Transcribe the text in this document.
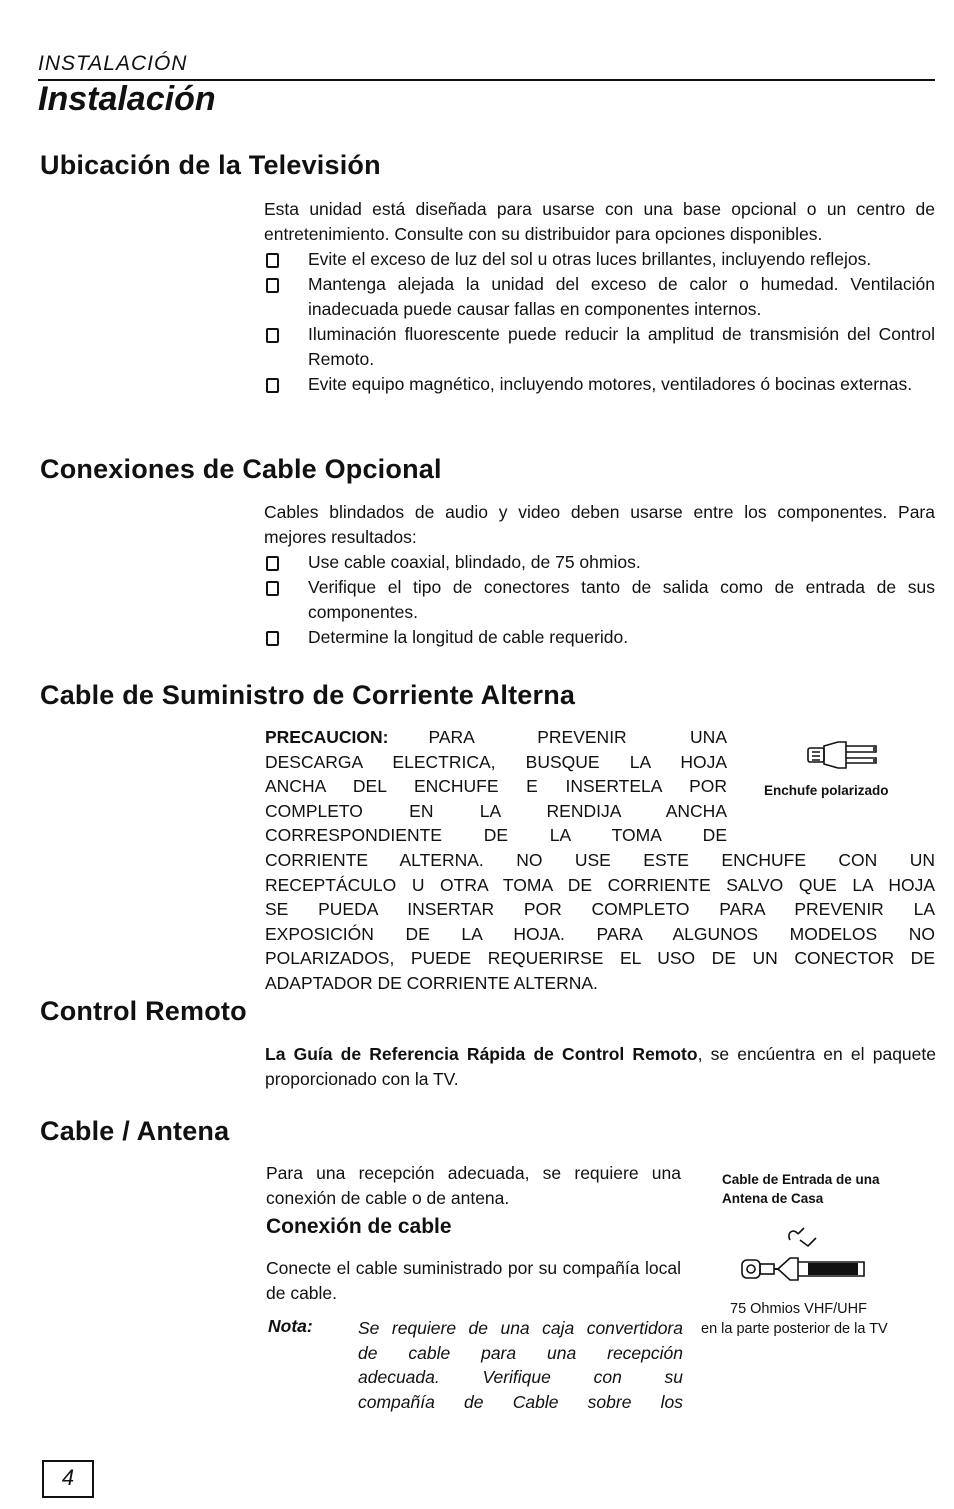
INSTALACIÓN
Instalación
Ubicación de la Televisión
Esta unidad está diseñada para usarse con una base opcional o un centro de entretenimiento. Consulte con su distribuidor para opciones disponibles.
Evite el exceso de luz del sol u otras luces brillantes, incluyendo reflejos.
Mantenga alejada la unidad del exceso de calor o humedad. Ventilación inadecuada puede causar fallas en componentes internos.
Iluminación fluorescente puede reducir la amplitud de transmisión del Control Remoto.
Evite equipo magnético, incluyendo motores, ventiladores ó bocinas externas.
Conexiones de Cable Opcional
Cables blindados de audio y video deben usarse entre los componentes. Para mejores resultados:
Use cable coaxial, blindado, de 75 ohmios.
Verifique el tipo de conectores tanto de salida como de entrada de sus componentes.
Determine la longitud de cable requerido.
Cable de Suministro de Corriente Alterna
PRECAUCION: PARA PREVENIR UNA
DESCARGA ELECTRICA, BUSQUE LA HOJA
ANCHA DEL ENCHUFE E INSERTELA POR
COMPLETO EN LA RENDIJA ANCHA
CORRESPONDIENTE DE LA TOMA DE
CORRIENTE ALTERNA. NO USE ESTE ENCHUFE CON UN
RECEPTÁCULO U OTRA TOMA DE CORRIENTE SALVO QUE LA HOJA
SE PUEDA INSERTAR POR COMPLETO PARA PREVENIR LA
EXPOSICIÓN DE LA HOJA. PARA ALGUNOS MODELOS NO
POLARIZADOS, PUEDE REQUERIRSE EL USO DE UN CONECTOR DE
ADAPTADOR DE CORRIENTE ALTERNA.
Enchufe polarizado
Control Remoto
La Guía de Referencia Rápida de Control Remoto, se encúentra en el paquete proporcionado con la TV.
Cable / Antena
Para una recepción adecuada, se requiere una conexión de cable o de antena.
Conexión de cable
Conecte el cable suministrado por su compañía local de cable.
Nota:	Se requiere de una caja convertidora
de cable para una recepción
adecuada. Verifique con su
compañía de Cable sobre los
Cable de Entrada de una Antena de Casa
75 Ohmios VHF/UHF
en la parte posterior de la TV
4
